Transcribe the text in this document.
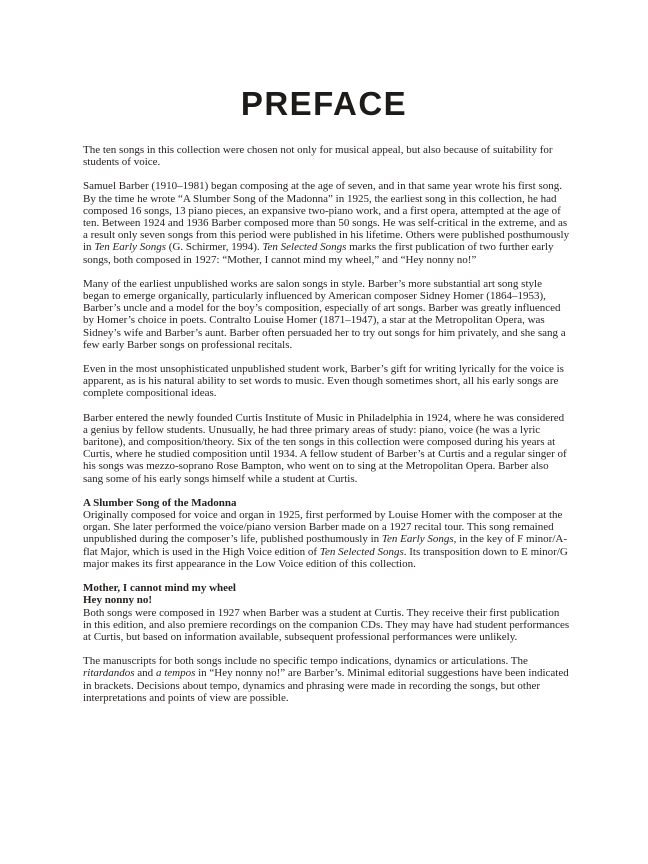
PREFACE

The ten songs in this collection were chosen not only for musical appeal, but also because of suitability for students of voice.

Samuel Barber (1910–1981) began composing at the age of seven, and in that same year wrote his first song. By the time he wrote “A Slumber Song of the Madonna” in 1925, the earliest song in this collection, he had composed 16 songs, 13 piano pieces, an expansive two-piano work, and a first opera, attempted at the age of ten. Between 1924 and 1936 Barber composed more than 50 songs. He was self-critical in the extreme, and as a result only seven songs from this period were published in his lifetime. Others were published posthumously in Ten Early Songs (G. Schirmer, 1994). Ten Selected Songs marks the first publication of two further early songs, both composed in 1927: “Mother, I cannot mind my wheel,” and “Hey nonny no!”

Many of the earliest unpublished works are salon songs in style. Barber’s more substantial art song style began to emerge organically, particularly influenced by American composer Sidney Homer (1864–1953), Barber’s uncle and a model for the boy’s composition, especially of art songs. Barber was greatly influenced by Homer’s choice in poets. Contralto Louise Homer (1871–1947), a star at the Metropolitan Opera, was Sidney’s wife and Barber’s aunt. Barber often persuaded her to try out songs for him privately, and she sang a few early Barber songs on professional recitals.

Even in the most unsophisticated unpublished student work, Barber’s gift for writing lyrically for the voice is apparent, as is his natural ability to set words to music. Even though sometimes short, all his early songs are complete compositional ideas.

Barber entered the newly founded Curtis Institute of Music in Philadelphia in 1924, where he was considered a genius by fellow students. Unusually, he had three primary areas of study: piano, voice (he was a lyric baritone), and composition/theory. Six of the ten songs in this collection were composed during his years at Curtis, where he studied composition until 1934. A fellow student of Barber’s at Curtis and a regular singer of his songs was mezzo-soprano Rose Bampton, who went on to sing at the Metropolitan Opera. Barber also sang some of his early songs himself while a student at Curtis.

A Slumber Song of the Madonna

Originally composed for voice and organ in 1925, first performed by Louise Homer with the composer at the organ. She later performed the voice/piano version Barber made on a 1927 recital tour. This song remained unpublished during the composer’s life, published posthumously in Ten Early Songs, in the key of F minor/A-flat Major, which is used in the High Voice edition of Ten Selected Songs. Its transposition down to E minor/G major makes its first appearance in the Low Voice edition of this collection.

Mother, I cannot mind my wheel

Hey nonny no!

Both songs were composed in 1927 when Barber was a student at Curtis. They receive their first publication in this edition, and also premiere recordings on the companion CDs. They may have had student performances at Curtis, but based on information available, subsequent professional performances were unlikely.

The manuscripts for both songs include no specific tempo indications, dynamics or articulations. The ritardandos and a tempos in “Hey nonny no!” are Barber’s. Minimal editorial suggestions have been indicated in brackets. Decisions about tempo, dynamics and phrasing were made in recording the songs, but other interpretations and points of view are possible.
